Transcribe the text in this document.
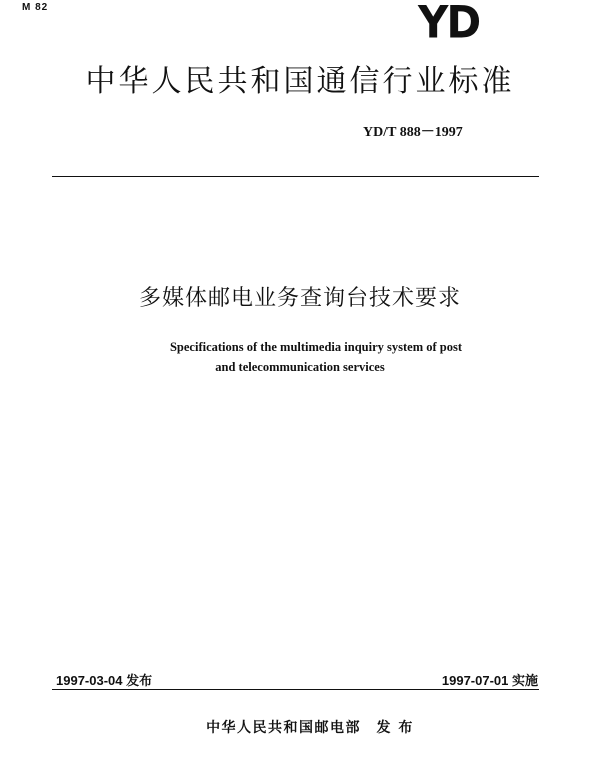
M 82	YD
中华人民共和国通信行业标准
YD/T 888－1997
多媒体邮电业务查询台技术要求
Specifications of the multimedia inquiry system of post
and telecommunication services
1997-03-04 发布	1997-07-01 实施
中华人民共和国邮电部　发 布
